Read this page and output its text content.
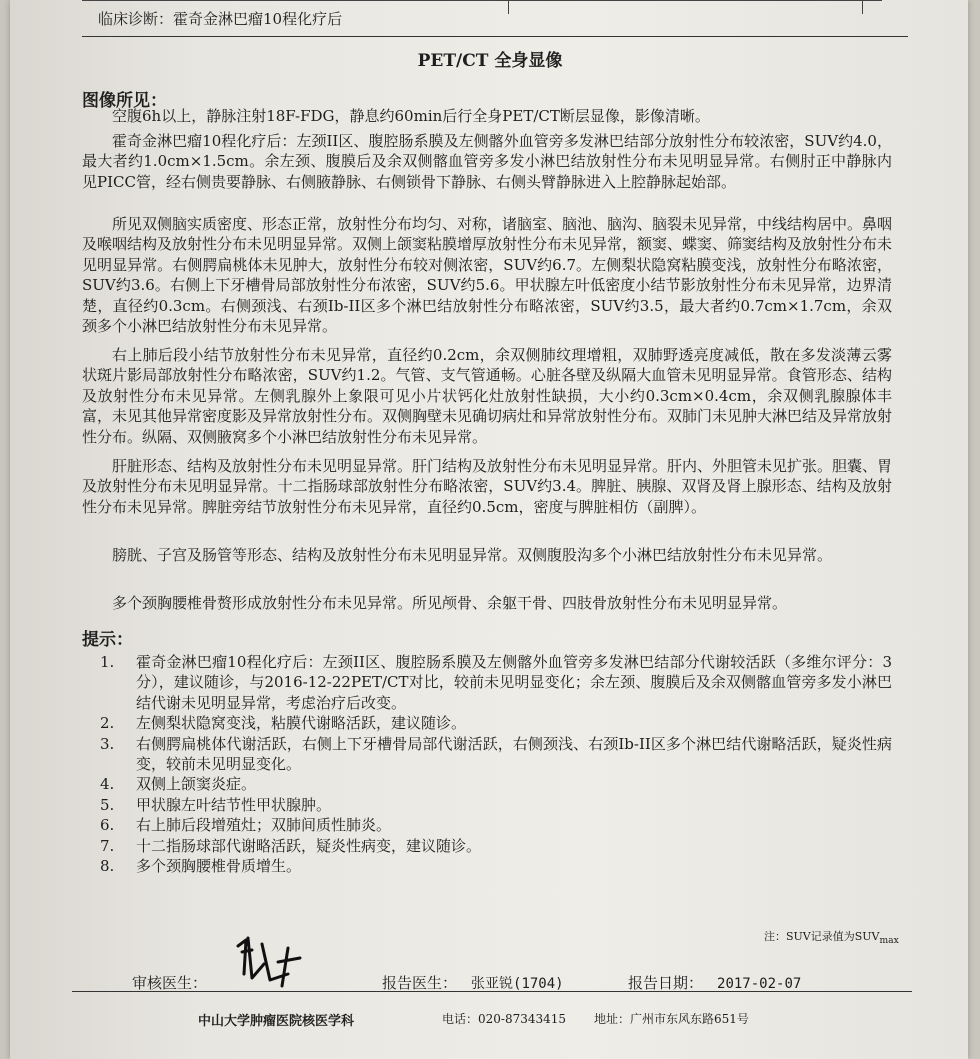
临床诊断：霍奇金淋巴瘤10程化疗后
PET/CT 全身显像
图像所见：
空腹6h以上，静脉注射18F-FDG，静息约60min后行全身PET/CT断层显像，影像清晰。
霍奇金淋巴瘤10程化疗后：左颈II区、腹腔肠系膜及左侧髂外血管旁多发淋巴结部分放射性分布较浓密，SUV约4.0，最大者约1.0cm×1.5cm。余左颈、腹膜后及余双侧髂血管旁多发小淋巴结放射性分布未见明显异常。右侧肘正中静脉内见PICC管，经右侧贵要静脉、右侧腋静脉、右侧锁骨下静脉、右侧头臂静脉进入上腔静脉起始部。
所见双侧脑实质密度、形态正常，放射性分布均匀、对称，诸脑室、脑池、脑沟、脑裂未见异常，中线结构居中。鼻咽及喉咽结构及放射性分布未见明显异常。双侧上颌窦粘膜增厚放射性分布未见异常，额窦、蝶窦、筛窦结构及放射性分布未见明显异常。右侧腭扁桃体未见肿大，放射性分布较对侧浓密，SUV约6.7。左侧梨状隐窝粘膜变浅，放射性分布略浓密，SUV约3.6。右侧上下牙槽骨局部放射性分布浓密，SUV约5.6。甲状腺左叶低密度小结节影放射性分布未见异常，边界清楚，直径约0.3cm。右侧颈浅、右颈Ib-II区多个淋巴结放射性分布略浓密，SUV约3.5，最大者约0.7cm×1.7cm，余双颈多个小淋巴结放射性分布未见异常。
右上肺后段小结节放射性分布未见异常，直径约0.2cm，余双侧肺纹理增粗，双肺野透亮度减低，散在多发淡薄云雾状斑片影局部放射性分布略浓密，SUV约1.2。气管、支气管通畅。心脏各壁及纵隔大血管未见明显异常。食管形态、结构及放射性分布未见异常。左侧乳腺外上象限可见小片状钙化灶放射性缺损，大小约0.3cm×0.4cm，余双侧乳腺腺体丰富，未见其他异常密度影及异常放射性分布。双侧胸壁未见确切病灶和异常放射性分布。双肺门未见肿大淋巴结及异常放射性分布。纵隔、双侧腋窝多个小淋巴结放射性分布未见异常。
肝脏形态、结构及放射性分布未见明显异常。肝门结构及放射性分布未见明显异常。肝内、外胆管未见扩张。胆囊、胃及放射性分布未见明显异常。十二指肠球部放射性分布略浓密，SUV约3.4。脾脏、胰腺、双肾及肾上腺形态、结构及放射性分布未见异常。脾脏旁结节放射性分布未见异常，直径约0.5cm，密度与脾脏相仿（副脾）。
膀胱、子宫及肠管等形态、结构及放射性分布未见明显异常。双侧腹股沟多个小淋巴结放射性分布未见异常。
多个颈胸腰椎骨赘形成放射性分布未见异常。所见颅骨、余躯干骨、四肢骨放射性分布未见明显异常。
提示：
1. 霍奇金淋巴瘤10程化疗后：左颈II区、腹腔肠系膜及左侧髂外血管旁多发淋巴结部分代谢较活跃（多维尔评分：3分），建议随诊，与2016-12-22PET/CT对比，较前未见明显变化；余左颈、腹膜后及余双侧髂血管旁多发小淋巴结代谢未见明显异常，考虑治疗后改变。
2. 左侧梨状隐窝变浅，粘膜代谢略活跃，建议随诊。
3. 右侧腭扁桃体代谢活跃，右侧上下牙槽骨局部代谢活跃，右侧颈浅、右颈Ib-II区多个淋巴结代谢略活跃，疑炎性病变，较前未见明显变化。
4. 双侧上颌窦炎症。
5. 甲状腺左叶结节性甲状腺肿。
6. 右上肺后段增殖灶；双肺间质性肺炎。
7. 十二指肠球部代谢略活跃，疑炎性病变，建议随诊。
8. 多个颈胸腰椎骨质增生。
注：SUV记录值为$SUV_{max}$
审核医生：	报告医生： 张亚锐(1704)	报告日期： 2017-02-07
中山大学肿瘤医院核医学科	电话：020-87343415 地址：广州市东风东路651号
